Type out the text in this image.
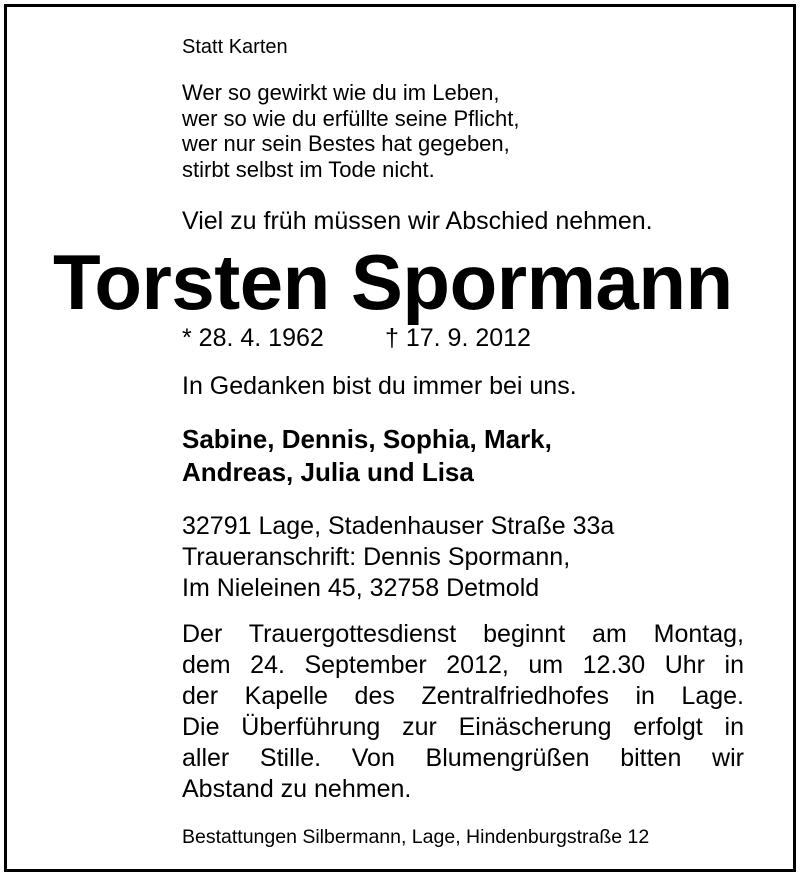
Statt Karten
Wer so gewirkt wie du im Leben,
wer so wie du erfüllte seine Pflicht,
wer nur sein Bestes hat gegeben,
stirbt selbst im Tode nicht.
Viel zu früh müssen wir Abschied nehmen.
Torsten Spormann
* 28. 4. 1962 † 17. 9. 2012
In Gedanken bist du immer bei uns.
Sabine, Dennis, Sophia, Mark,
Andreas, Julia und Lisa
32791 Lage, Stadenhauser Straße 33a
Traueranschrift: Dennis Spormann,
Im Nieleinen 45, 32758 Detmold
Der Trauergottesdienst beginnt am Montag,
dem 24. September 2012, um 12.30 Uhr in
der Kapelle des Zentralfriedhofes in Lage.
Die Überführung zur Einäscherung erfolgt in
aller Stille. Von Blumengrüßen bitten wir
Abstand zu nehmen.
Bestattungen Silbermann, Lage, Hindenburgstraße 12
